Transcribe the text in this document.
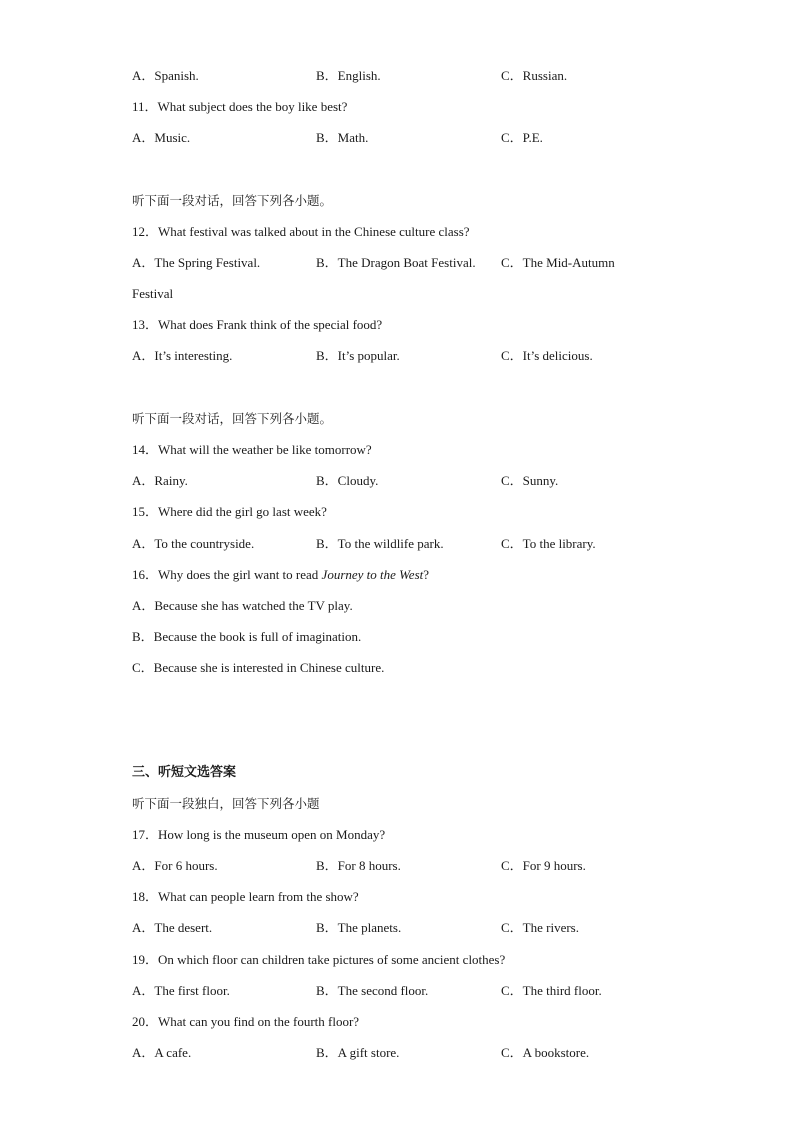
A．Spanish.	B．English.	C．Russian.
11．What subject does the boy like best?
A．Music.	B．Math.	C．P.E.
听下面一段对话，回答下列各小题。
12．What festival was talked about in the Chinese culture class?
A．The Spring Festival.	B．The Dragon Boat Festival. C．The Mid-Autumn
Festival
13．What does Frank think of the special food?
A．It’s interesting.	B．It’s popular.	C．It’s delicious.
听下面一段对话，回答下列各小题。
14．What will the weather be like tomorrow?
A．Rainy.	B．Cloudy.	C．Sunny.
15．Where did the girl go last week?
A．To the countryside.	B．To the wildlife park.	C．To the library.
16．Why does the girl want to read Journey to the West?
A．Because she has watched the TV play.
B．Because the book is full of imagination.
C．Because she is interested in Chinese culture.
三、听短文选答案
听下面一段独白，回答下列各小题
17．How long is the museum open on Monday?
A．For 6 hours.	B．For 8 hours.	C．For 9 hours.
18．What can people learn from the show?
A．The desert.	B．The planets.	C．The rivers.
19．On which floor can children take pictures of some ancient clothes?
A．The first floor.	B．The second floor.	C．The third floor.
20．What can you find on the fourth floor?
A．A cafe.	B．A gift store.	C．A bookstore.
